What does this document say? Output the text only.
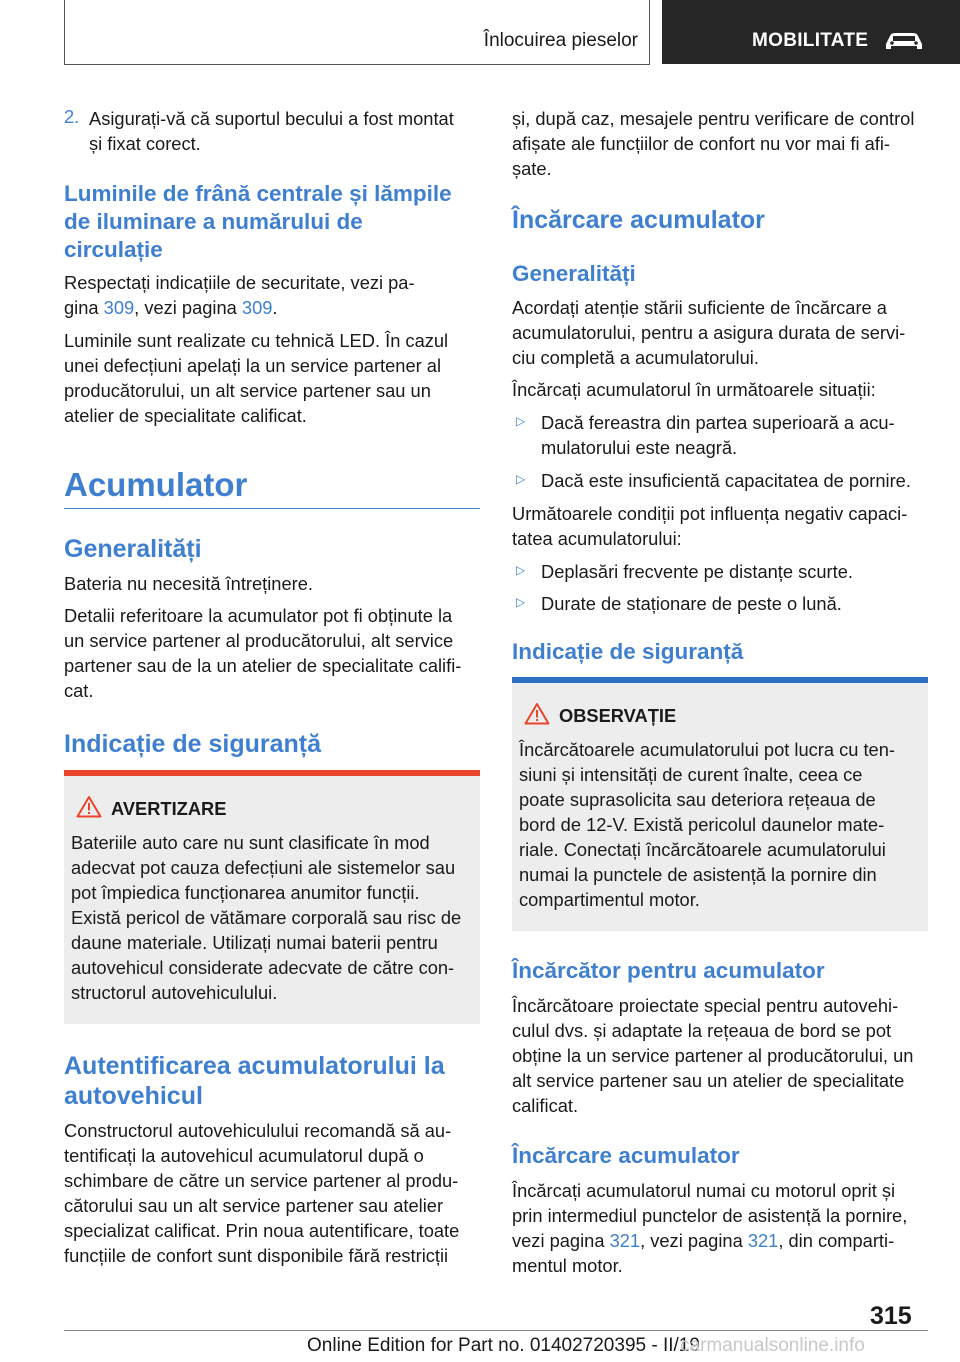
Înlocuirea pieselor	MOBILITATE
2. Asigurați-vă că suportul becului a fost montat

și fixat corect.

Luminile de frână centrale și lămpile
de iluminare a numărului de
circulație

Respectați indicațiile de securitate, vezi pa‐

gina 309, vezi pagina 309.

Luminile sunt realizate cu tehnică LED. În cazul

unei defecțiuni apelați la un service partener al

producătorului, un alt service partener sau un

atelier de specialitate calificat.

Acumulator
Generalități

Bateria nu necesită întreținere.

Detalii referitoare la acumulator pot fi obținute la

un service partener al producătorului, alt service

partener sau de la un atelier de specialitate califi‐

cat.

Indicație de siguranță
AVERTIZARE

Bateriile auto care nu sunt clasificate în mod

adecvat pot cauza defecțiuni ale sistemelor sau

pot împiedica funcționarea anumitor funcții.

Există pericol de vătămare corporală sau risc de

daune materiale. Utilizați numai baterii pentru

autovehicul considerate adecvate de către con‐

structorul autovehiculului.

Autentificarea acumulatorului la
autovehicul

Constructorul autovehiculului recomandă să au‐

tentificați la autovehicul acumulatorul după o

schimbare de către un service partener al produ‐

cătorului sau un alt service partener sau atelier

specializat calificat. Prin noua autentificare, toate

funcțiile de confort sunt disponibile fără restricții

și, după caz, mesajele pentru verificare de control

afișate ale funcțiilor de confort nu vor mai fi afi‐

șate.

Încărcare acumulator
Generalități

Acordați atenție stării suficiente de încărcare a

acumulatorului, pentru a asigura durata de servi‐

ciu completă a acumulatorului.

Încărcați acumulatorul în următoarele situații:

▷ Dacă fereastra din partea superioară a acu‐

mulatorului este neagră.

▷ Dacă este insuficientă capacitatea de pornire.

Următoarele condiții pot influența negativ capaci‐

tatea acumulatorului:

▷ Deplasări frecvente pe distanțe scurte.

▷ Durate de staționare de peste o lună.

Indicație de siguranță
OBSERVAȚIE

Încărcătoarele acumulatorului pot lucra cu ten‐

siuni și intensități de curent înalte, ceea ce

poate suprasolicita sau deteriora rețeaua de

bord de 12-V. Există pericolul daunelor mate‐

riale. Conectați încărcătoarele acumulatorului

numai la punctele de asistență la pornire din

compartimentul motor.

Încărcător pentru acumulator

Încărcătoare proiectate special pentru autovehi‐

culul dvs. și adaptate la rețeaua de bord se pot

obține la un service partener al producătorului, un

alt service partener sau un atelier de specialitate

calificat.

Încărcare acumulator

Încărcați acumulatorul numai cu motorul oprit și

prin intermediul punctelor de asistență la pornire,

vezi pagina 321, vezi pagina 321, din comparti‐

mentul motor.

315
Online Edition for Part no. 01402720395 - II/19
carmanualsonline.info
